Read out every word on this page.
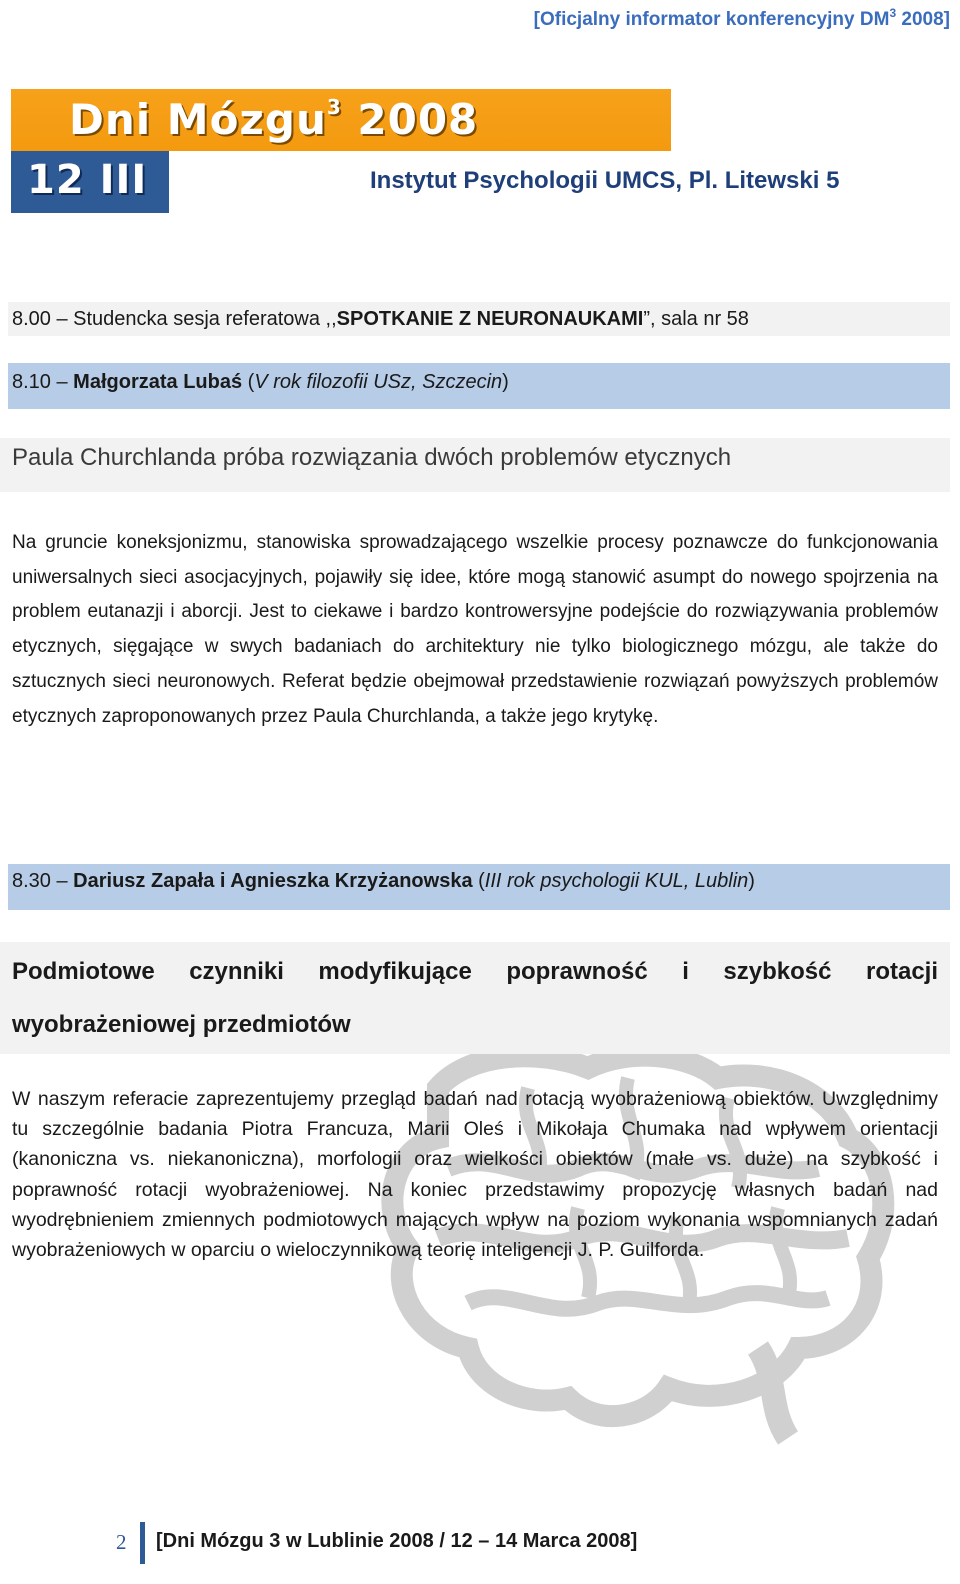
[Oficjalny informator konferencyjny $DM^3$ 2008]
Dni Mózgu$^3$ 2008
12 III	Instytut Psychologii UMCS, Pl. Litewski 5
8.00 – Studencka sesja referatowa ,,SPOTKANIE Z NEURONAUKAMI”, sala nr 58
8.10 – Małgorzata Lubaś (V rok filozofii USz, Szczecin)
Paula Churchlanda próba rozwiązania dwóch problemów etycznych
Na gruncie koneksjonizmu, stanowiska sprowadzającego wszelkie procesy poznawcze do funkcjonowania uniwersalnych sieci asocjacyjnych, pojawiły się idee, które mogą stanowić asumpt do nowego spojrzenia na problem eutanazji i aborcji. Jest to ciekawe i bardzo kontrowersyjne podejście do rozwiązywania problemów etycznych, sięgające w swych badaniach do architektury nie tylko biologicznego mózgu, ale także do sztucznych sieci neuronowych. Referat będzie obejmował przedstawienie rozwiązań powyższych problemów etycznych zaproponowanych przez Paula Churchlanda, a także jego krytykę.
8.30 – Dariusz Zapała i Agnieszka Krzyżanowska (III rok psychologii KUL, Lublin)
Podmiotowe czynniki modyfikujące poprawność i szybkość rotacji wyobrażeniowej przedmiotów
W naszym referacie zaprezentujemy przegląd badań nad rotacją wyobrażeniową obiektów. Uwzględnimy tu szczególnie badania Piotra Francuza, Marii Oleś i Mikołaja Chumaka nad wpływem orientacji (kanoniczna vs. niekanoniczna), morfologii oraz wielkości obiektów (małe vs. duże) na szybkość i poprawność rotacji wyobrażeniowej. Na koniec przedstawimy propozycję własnych badań nad wyodrębnieniem zmiennych podmiotowych mających wpływ na poziom wykonania wspomnianych zadań wyobrażeniowych w oparciu o wieloczynnikową teorię inteligencji J. P. Guilforda.
2 [Dni Mózgu 3 w Lublinie 2008 / 12 – 14 Marca 2008]
